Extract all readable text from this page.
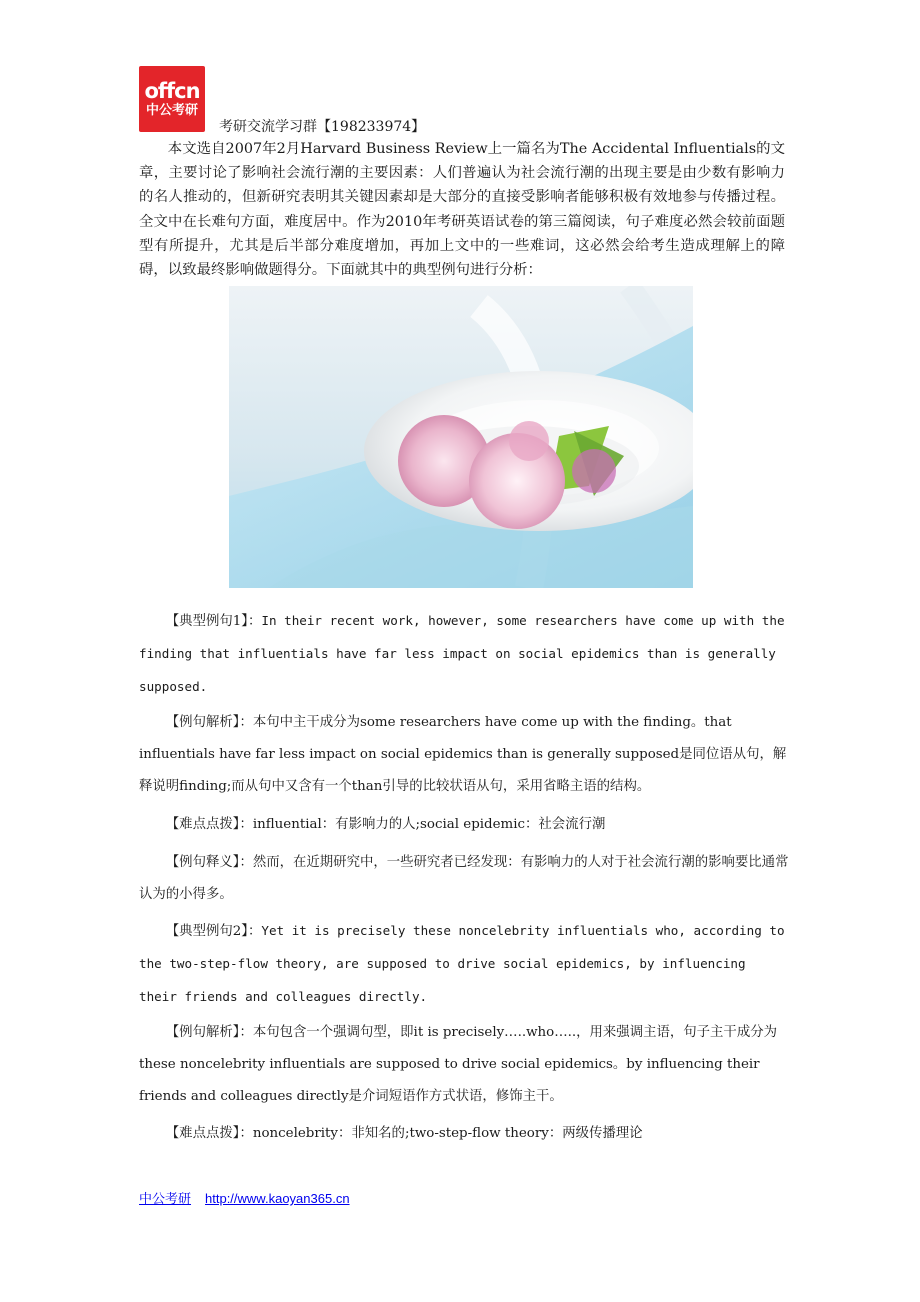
offcn
中公考研
考研交流学习群【198233974】

本文选自2007年2月Harvard Business Review上一篇名为The Accidental Influentials的文章，主要讨论了影响社会流行潮的主要因素：人们普遍认为社会流行潮的出现主要是由少数有影响力的名人推动的，但新研究表明其关键因素却是大部分的直接受影响者能够积极有效地参与传播过程。全文中在长难句方面，难度居中。作为2010年考研英语试卷的第三篇阅读，句子难度必然会较前面题型有所提升，尤其是后半部分难度增加，再加上文中的一些难词，这必然会给考生造成理解上的障碍，以致最终影响做题得分。下面就其中的典型例句进行分析：

【典型例句1】：In their recent work, however, some researchers have come up with the finding that influentials have far less impact on social epidemics than is generally supposed.

【例句解析】：本句中主干成分为some researchers have come up with the finding。that influentials have far less impact on social epidemics than is generally supposed是同位语从句，解释说明finding;而从句中又含有一个than引导的比较状语从句，采用省略主语的结构。

【难点点拨】：influential：有影响力的人;social epidemic：社会流行潮

【例句释义】：然而，在近期研究中，一些研究者已经发现：有影响力的人对于社会流行潮的影响要比通常认为的小得多。

【典型例句2】：Yet it is precisely these noncelebrity influentials who, according to the two-step-flow theory, are supposed to drive social epidemics, by influencing their friends and colleagues directly.

【例句解析】：本句包含一个强调句型，即it is precisely…..who…..，用来强调主语，句子主干成分为these noncelebrity influentials are supposed to drive social epidemics。by influencing their friends and colleagues directly是介词短语作方式状语，修饰主干。

【难点点拨】：noncelebrity：非知名的;two-step-flow theory：两级传播理论

中公考研 http://www.kaoyan365.cn
